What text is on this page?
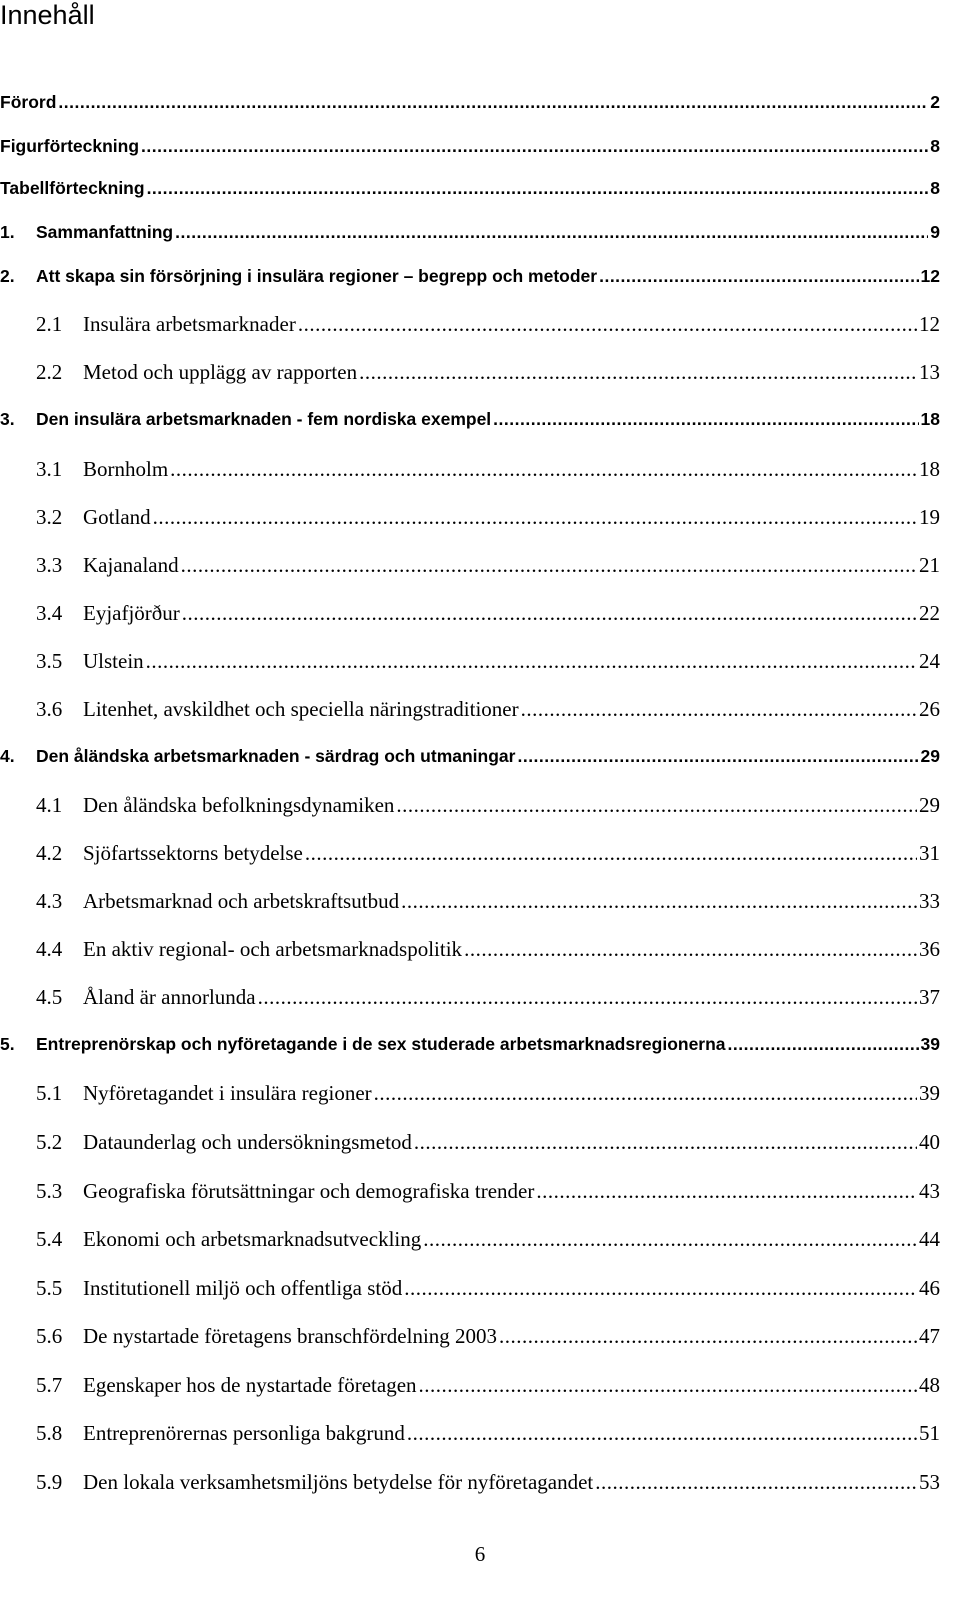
Innehåll
Förord .....	2
Figurförteckning .....	8
Tabellförteckning .....	8
1.	Sammanfattning .....	9
2.	Att skapa sin försörjning i insulära regioner – begrepp och metoder .....	12
2.1 Insulära arbetsmarknader .....	12
2.2 Metod och upplägg av rapporten .....	13
3.	Den insulära arbetsmarknaden - fem nordiska exempel .....	18
3.1 Bornholm .....	18
3.2 Gotland .....	19
3.3 Kajanaland .....	21
3.4 Eyjafjörður .....	22
3.5 Ulstein .....	24
3.6 Litenhet, avskildhet och speciella näringstraditioner .....	26
4.	Den åländska arbetsmarknaden - särdrag och utmaningar .....	29
4.1 Den åländska befolkningsdynamiken .....	29
4.2 Sjöfartssektorns betydelse .....	31
4.3 Arbetsmarknad och arbetskraftsutbud .....	33
4.4 En aktiv regional- och arbetsmarknadspolitik .....	36
4.5 Åland är annorlunda .....	37
5.	Entreprenörskap och nyföretagande i de sex studerade arbetsmarknadsregionerna .....	39
5.1 Nyföretagandet i insulära regioner .....	39
5.2 Dataunderlag och undersökningsmetod .....	40
5.3 Geografiska förutsättningar och demografiska trender .....	43
5.4 Ekonomi och arbetsmarknadsutveckling .....	44
5.5 Institutionell miljö och offentliga stöd .....	46
5.6 De nystartade företagens branschfördelning 2003 .....	47
5.7 Egenskaper hos de nystartade företagen .....	48
5.8 Entreprenörernas personliga bakgrund .....	51
5.9 Den lokala verksamhetsmiljöns betydelse för nyföretagandet .....	53
6
